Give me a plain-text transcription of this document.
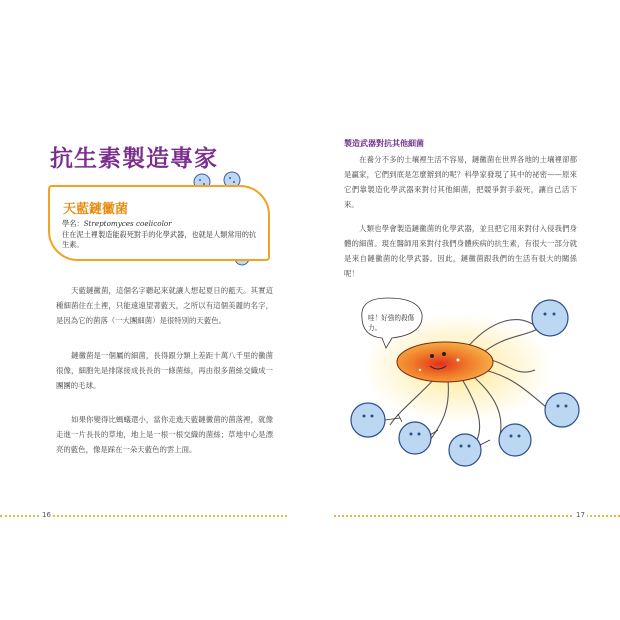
抗生素製造專家
天藍鏈黴菌
學名：Streptomyces coelicolor
住在泥土裡製造能殺死對手的化學武器，也就是人類常用的抗生素。
天藍鏈黴菌，這個名字聽起來就讓人想起夏日的藍天。其實這種細菌住在土裡，只能遠遠望著藍天，之所以有這個美麗的名字，是因為它的菌落（一大團細菌）是很特別的天藍色。
鏈黴菌是一個屬的細菌，長得跟分類上差距十萬八千里的黴菌很像，細胞先是排隊接成長長的一條菌絲，再由很多菌絲交織成一團團的毛球。
如果你變得比螞蟻還小，當你走進天藍鏈黴菌的菌落裡，就像走進一片長長的草地，地上是一根一根交織的菌絲；草地中心是漂亮的藍色，像是踩在一朵天藍色的雲上面。
製造武器對抗其他細菌
在養分不多的土壤裡生活不容易，鏈黴菌在世界各地的土壤裡卻都是贏家，它們到底是怎麼辦到的呢？科學家發現了其中的祕密——原來它們靠製造化學武器來對付其他細菌，把競爭對手殺死，讓自己活下來。
人類也學會製造鏈黴菌的化學武器，並且把它用來對付入侵我們身體的細菌。現在醫師用來對付我們身體疾病的抗生素，有很大一部分就是來自鏈黴菌的化學武器。因此，鏈黴菌跟我們的生活有很大的關係呢！
哇！好強的殺傷力。
16	17
